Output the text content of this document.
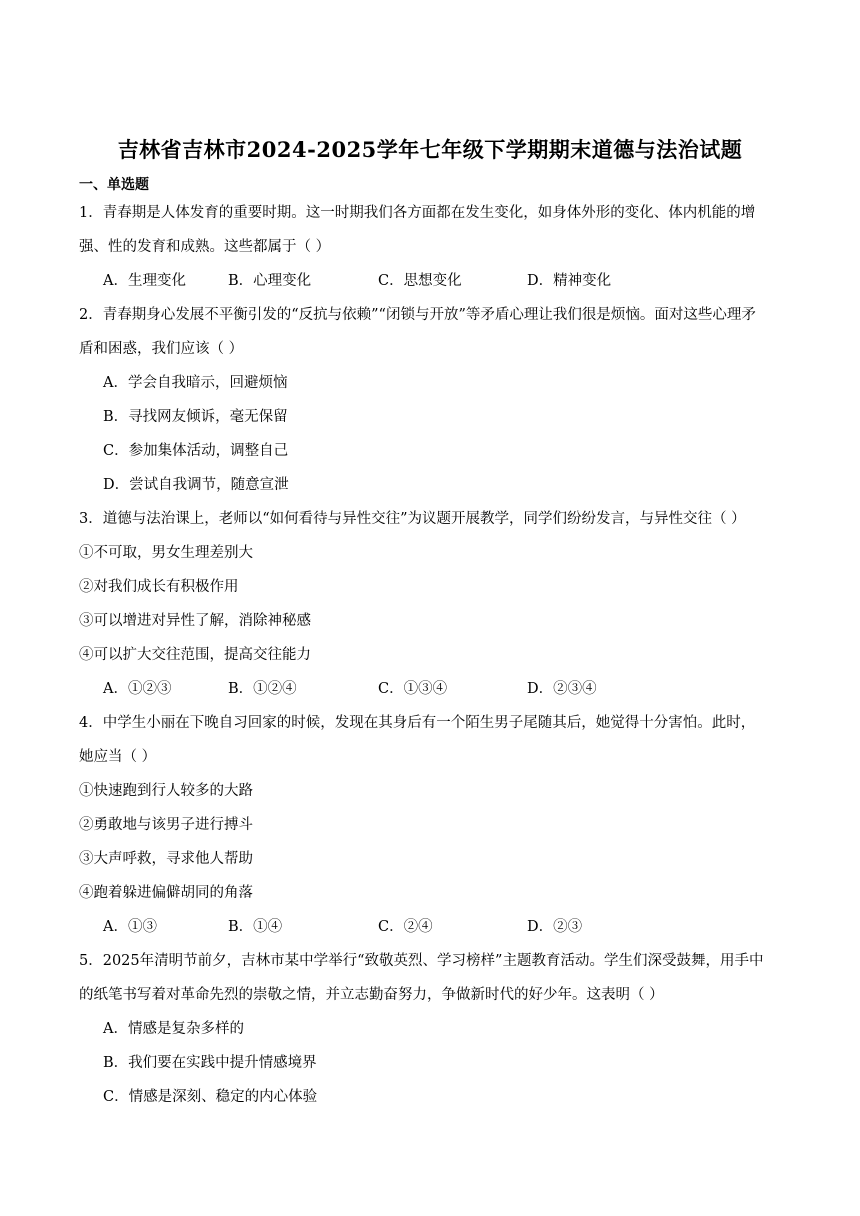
吉林省吉林市2024-2025学年七年级下学期期末道德与法治试题
一、单选题
1．青春期是人体发育的重要时期。这一时期我们各方面都在发生变化，如身体外形的变化、体内机能的增
强、性的发育和成熟。这些都属于（ ）
A．生理变化	B．心理变化	C．思想变化	D．精神变化
2．青春期身心发展不平衡引发的“反抗与依赖”“闭锁与开放”等矛盾心理让我们很是烦恼。面对这些心理矛
盾和困惑，我们应该（ ）
A．学会自我暗示，回避烦恼
B．寻找网友倾诉，毫无保留
C．参加集体活动，调整自己
D．尝试自我调节，随意宣泄
3．道德与法治课上，老师以“如何看待与异性交往”为议题开展教学，同学们纷纷发言，与异性交往（ ）
①不可取，男女生理差别大
②对我们成长有积极作用
③可以增进对异性了解，消除神秘感
④可以扩大交往范围，提高交往能力
A．①②③	B．①②④	C．①③④	D．②③④
4．中学生小丽在下晚自习回家的时候，发现在其身后有一个陌生男子尾随其后，她觉得十分害怕。此时，
她应当（ ）
①快速跑到行人较多的大路
②勇敢地与该男子进行搏斗
③大声呼救，寻求他人帮助
④跑着躲进偏僻胡同的角落
A．①③	B．①④	C．②④	D．②③
5．2025年清明节前夕，吉林市某中学举行“致敬英烈、学习榜样”主题教育活动。学生们深受鼓舞，用手中
的纸笔书写着对革命先烈的崇敬之情，并立志勤奋努力，争做新时代的好少年。这表明（ ）
A．情感是复杂多样的
B．我们要在实践中提升情感境界
C．情感是深刻、稳定的内心体验
